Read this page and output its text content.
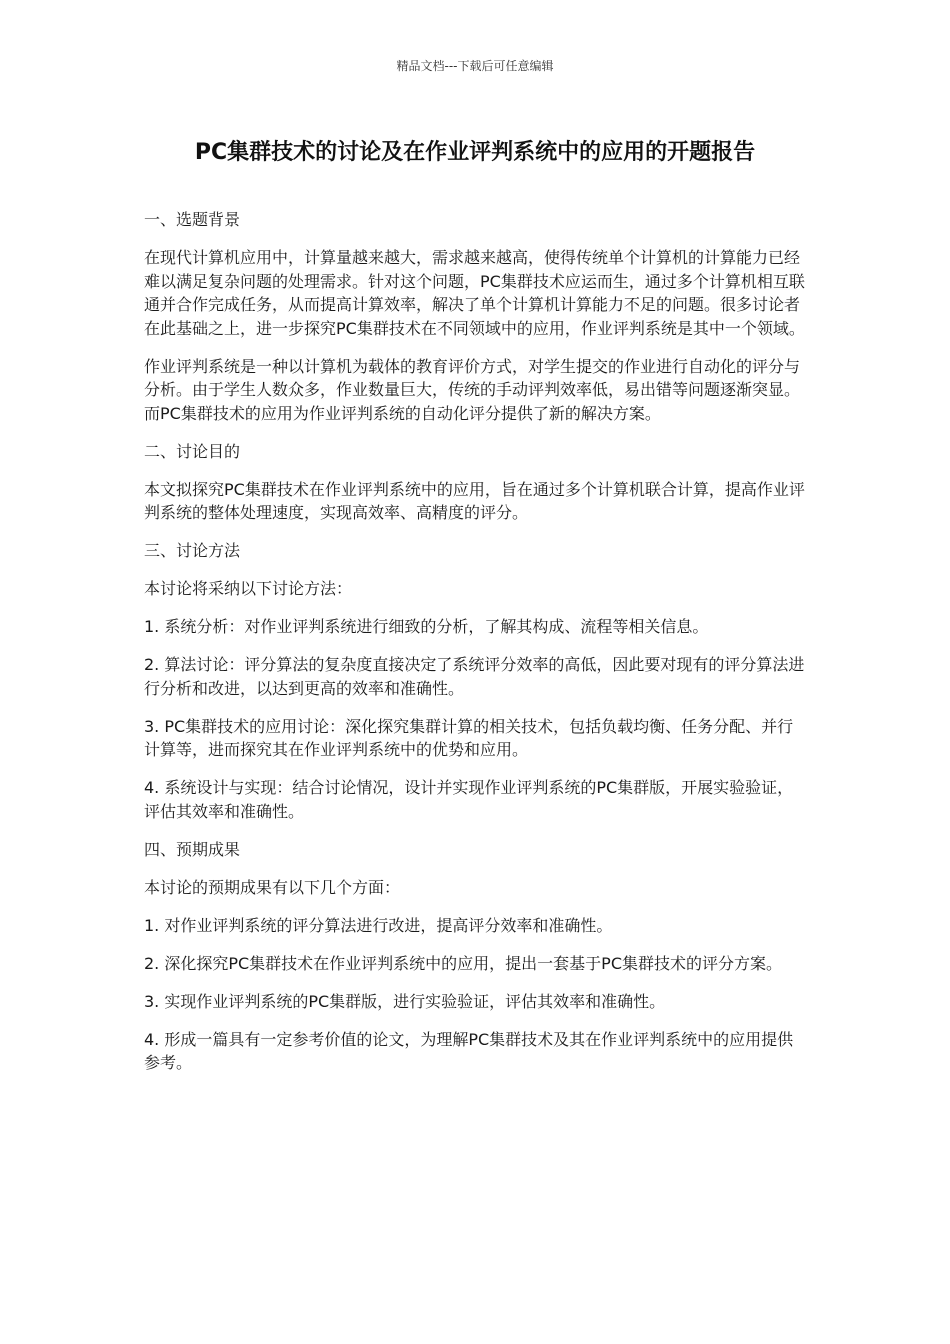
精品文档---下载后可任意编辑
PC集群技术的讨论及在作业评判系统中的应用的开题报告

一、选题背景

在现代计算机应用中，计算量越来越大，需求越来越高，使得传统单个计算机的计算能力已经难以满足复杂问题的处理需求。针对这个问题，PC集群技术应运而生，通过多个计算机相互联通并合作完成任务，从而提高计算效率，解决了单个计算机计算能力不足的问题。很多讨论者在此基础之上，进一步探究PC集群技术在不同领域中的应用，作业评判系统是其中一个领域。

作业评判系统是一种以计算机为载体的教育评价方式，对学生提交的作业进行自动化的评分与分析。由于学生人数众多，作业数量巨大，传统的手动评判效率低，易出错等问题逐渐突显。而PC集群技术的应用为作业评判系统的自动化评分提供了新的解决方案。

二、讨论目的

本文拟探究PC集群技术在作业评判系统中的应用，旨在通过多个计算机联合计算，提高作业评判系统的整体处理速度，实现高效率、高精度的评分。

三、讨论方法

本讨论将采纳以下讨论方法：

1. 系统分析：对作业评判系统进行细致的分析，了解其构成、流程等相关信息。

2. 算法讨论：评分算法的复杂度直接决定了系统评分效率的高低，因此要对现有的评分算法进行分析和改进，以达到更高的效率和准确性。

3. PC集群技术的应用讨论：深化探究集群计算的相关技术，包括负载均衡、任务分配、并行计算等，进而探究其在作业评判系统中的优势和应用。

4. 系统设计与实现：结合讨论情况，设计并实现作业评判系统的PC集群版，开展实验验证，评估其效率和准确性。

四、预期成果

本讨论的预期成果有以下几个方面：

1. 对作业评判系统的评分算法进行改进，提高评分效率和准确性。

2. 深化探究PC集群技术在作业评判系统中的应用，提出一套基于PC集群技术的评分方案。

3. 实现作业评判系统的PC集群版，进行实验验证，评估其效率和准确性。

4. 形成一篇具有一定参考价值的论文，为理解PC集群技术及其在作业评判系统中的应用提供参考。
